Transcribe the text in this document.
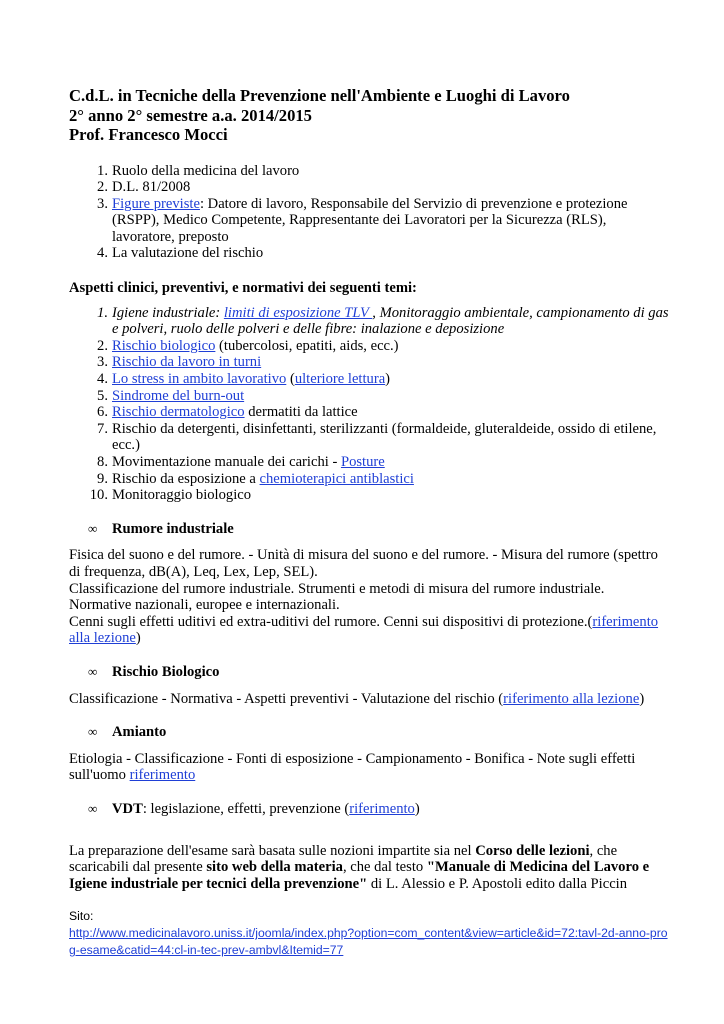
C.d.L. in Tecniche della Prevenzione nell'Ambiente e Luoghi di Lavoro
2° anno 2° semestre a.a. 2014/2015
Prof. Francesco Mocci
1. Ruolo della medicina del lavoro
2. D.L. 81/2008
3. Figure previste: Datore di lavoro, Responsabile del Servizio di prevenzione e protezione (RSPP), Medico Competente, Rappresentante dei Lavoratori per la Sicurezza (RLS), lavoratore, preposto
4. La valutazione del rischio
Aspetti clinici, preventivi, e normativi dei seguenti temi:
1. Igiene industriale: limiti di esposizione TLV , Monitoraggio ambientale, campionamento di gas e polveri, ruolo delle polveri e delle fibre: inalazione e deposizione
2. Rischio biologico (tubercolosi, epatiti, aids, ecc.)
3. Rischio da lavoro in turni
4. Lo stress in ambito lavorativo (ulteriore lettura)
5. Sindrome del burn-out
6. Rischio dermatologico dermatiti da lattice
7. Rischio da detergenti, disinfettanti, sterilizzanti (formaldeide, gluteraldeide, ossido di etilene, ecc.)
8. Movimentazione manuale dei carichi - Posture
9. Rischio da esposizione a chemioterapici antiblastici
10. Monitoraggio biologico
∞ Rumore industriale
Fisica del suono e del rumore. - Unità di misura del suono e del rumore. - Misura del rumore (spettro di frequenza, dB(A), Leq, Lex, Lep, SEL).
Classificazione del rumore industriale. Strumenti e metodi di misura del rumore industriale.
Normative nazionali, europee e internazionali.
Cenni sugli effetti uditivi ed extra-uditivi del rumore. Cenni sui dispositivi di protezione.(riferimento alla lezione)
∞ Rischio Biologico
Classificazione - Normativa - Aspetti preventivi - Valutazione del rischio (riferimento alla lezione)
∞ Amianto
Etiologia - Classificazione - Fonti di esposizione - Campionamento - Bonifica - Note sugli effetti sull'uomo riferimento
∞ VDT: legislazione, effetti, prevenzione (riferimento)
La preparazione dell'esame sarà basata sulle nozioni impartite sia nel Corso delle lezioni, che scaricabili dal presente sito web della materia, che dal testo "Manuale di Medicina del Lavoro e Igiene industriale per tecnici della prevenzione" di L. Alessio e P. Apostoli edito dalla Piccin
Sito:
http://www.medicinalavoro.uniss.it/joomla/index.php?option=com_content&view=article&id=72:tavl-2d-anno-prog-esame&catid=44:cl-in-tec-prev-ambvl&Itemid=77
